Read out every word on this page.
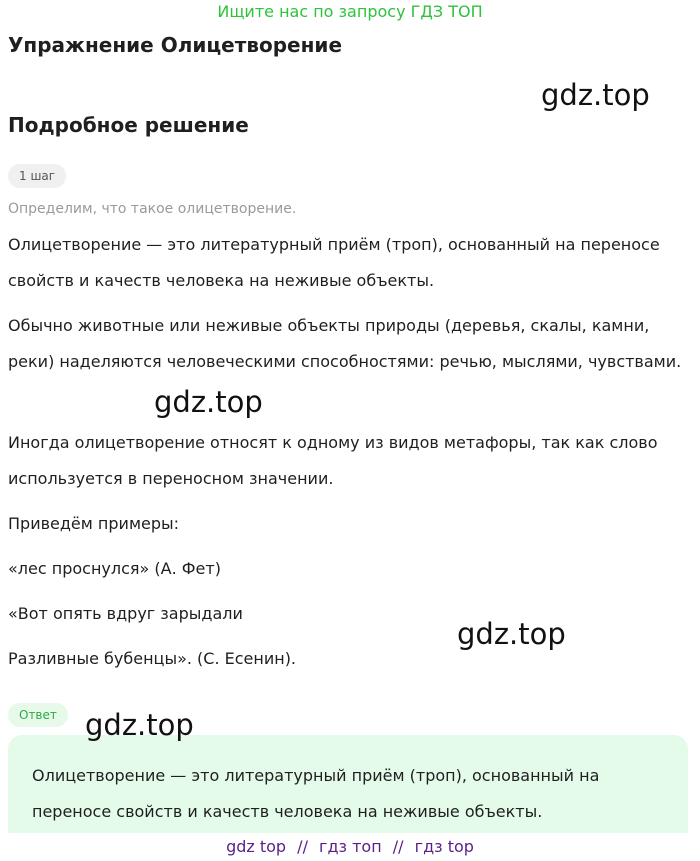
Ищите нас по запросу ГДЗ ТОП
Упражнение Олицетворение
Подробное решение
1 шаг
Определим, что такое олицетворение.
Олицетворение — это литературный приём (троп), основанный на переносе свойств и качеств человека на неживые объекты.
Обычно животные или неживые объекты природы (деревья, скалы, камни, реки) наделяются человеческими способностями: речью, мыслями, чувствами.
Иногда олицетворение относят к одному из видов метафоры, так как слово используется в переносном значении.
Приведём примеры:
«лес проснулся» (А. Фет)
«Вот опять вдруг зарыдали
Разливные бубенцы». (С. Есенин).
Ответ
Олицетворение — это литературный приём (троп), основанный на переносе свойств и качеств человека на неживые объекты.
gdz.top
gdz.top
gdz.top
gdz.top
gdz top // гдз топ // гдз top
